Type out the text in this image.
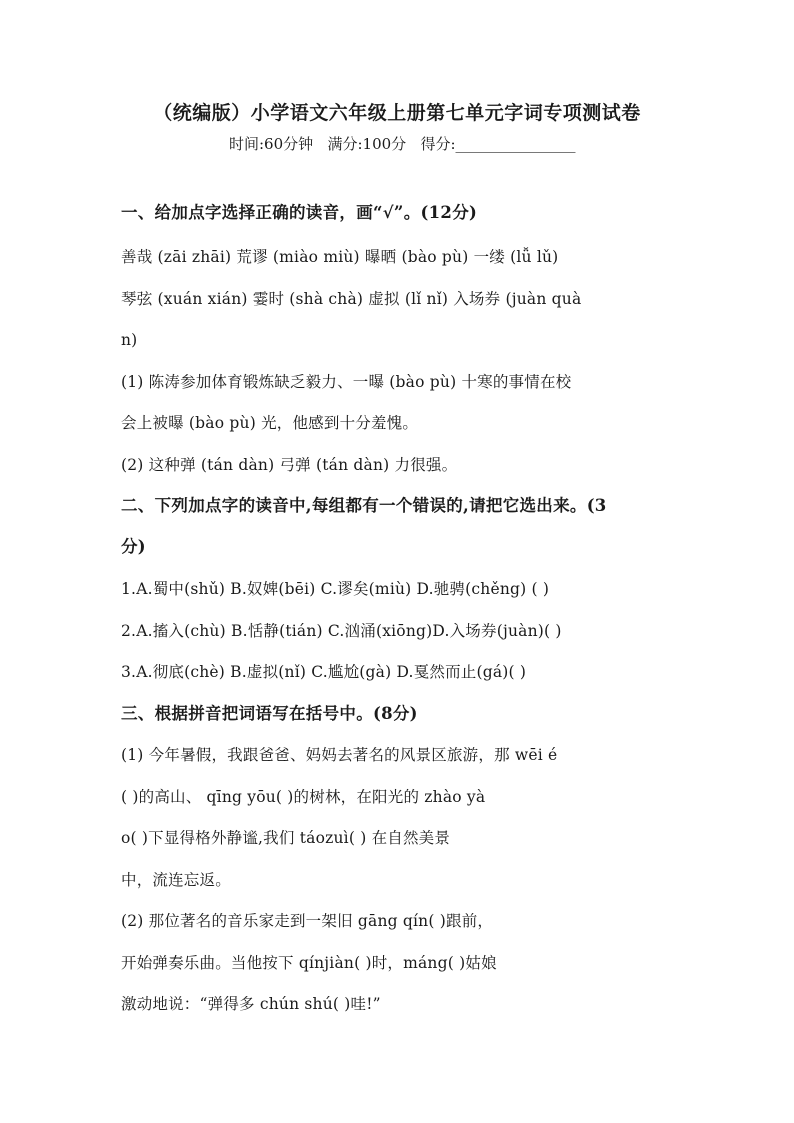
（统编版）小学语文六年级上册第七单元字词专项测试卷
时间:60分钟 满分:100分 得分:________________
一、给加点字选择正确的读音，画“√”。(12分)
善哉 (zāi zhāi) 荒谬 (miào miù) 曝晒 (bào pù) 一缕 (lǚ lǔ)
琴弦 (xuán xián) 霎时 (shà chà) 虚拟 (lǐ nǐ) 入场券 (juàn quà
n)
(1) 陈涛参加体育锻炼缺乏毅力、一曝 (bào pù) 十寒的事情在校
会上被曝 (bào pù) 光，他感到十分羞愧。
(2) 这种弹 (tán dàn) 弓弹 (tán dàn) 力很强。
二、下列加点字的读音中,每组都有一个错误的,请把它选出来。(3
分)
1.A.蜀中(shǔ) B.奴婢(bēi) C.谬矣(miù) D.驰骋(chěng) ( )
2.A.搐入(chù) B.恬静(tián) C.汹涌(xiōng)D.入场券(juàn)( )
3.A.彻底(chè) B.虚拟(nǐ) C.尴尬(gà) D.戛然而止(gá)( )
三、根据拼音把词语写在括号中。(8分)
(1) 今年暑假，我跟爸爸、妈妈去著名的风景区旅游，那 wēi é
( )的高山、 qīng yōu( )的树林，在阳光的 zhào yà
o( )下显得格外静谧,我们 táozuì( ) 在自然美景
中，流连忘返。
(2) 那位著名的音乐家走到一架旧 gāng qín( )跟前，
开始弹奏乐曲。当他按下 qínjiàn( )时，máng( )姑娘
激动地说：“弹得多 chún shú( )哇!”
